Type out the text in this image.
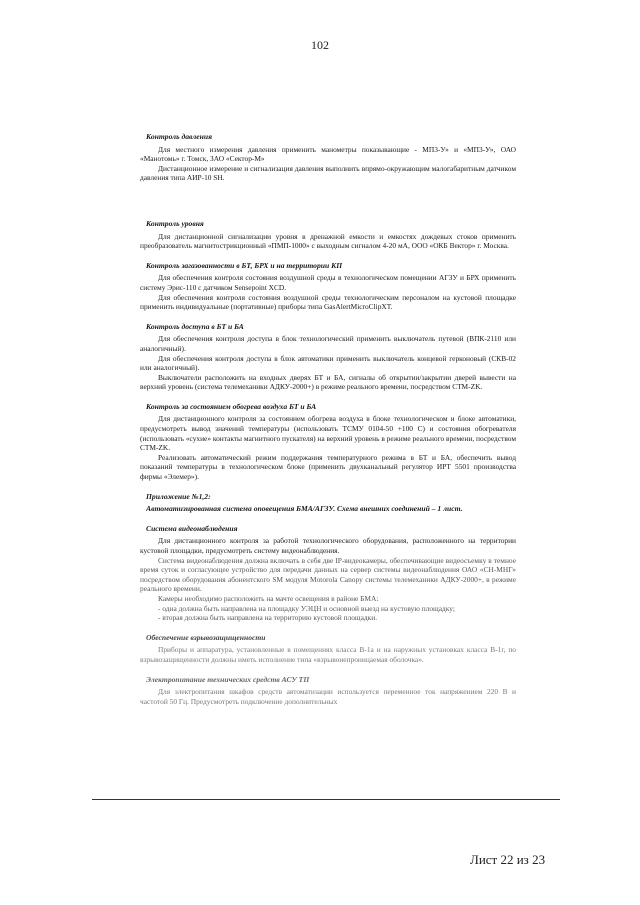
102
Контроль давления

Для местного измерения давления применить манометры показывающие - МП3-У» и «МП3-У», ОАО «Манотомь» г. Томск, ЗАО «Сектор-М»

Дистанционное измерение и сигнализация давления выполнить впрямо-окружающим малогабаритным датчиком давления типа АИР-10 SH.

Контроль уровня

Для дистанционной сигнализации уровня в дренажной емкости и емкостях дождевых стоков применить преобразователь магнитострикционный «ПМП-1000» с выходным сигналом 4-20 мА, ООО «ОКБ Вектор» г. Москва.

Контроль загазованности в БТ, БРХ и на территории КП

Для обеспечения контроля состояния воздушной среды в технологическом помещении АГЗУ и БРХ применить систему Эрис-110 с датчиком Sensepoint XCD.

Для обеспечения контроля состояния воздушной среды технологическим персоналом на кустовой площадке применить индивидуальные (портативные) приборы типа GasAlertMicroClipXT.

Контроль доступа в БТ и БА

Для обеспечения контроля доступа в блок технологический применить выключатель путевой (ВПК-2110 или аналогичный).

Для обеспечения контроля доступа в блок автоматики применить выключатель концевой герконовый (СКВ-02 или аналогичный).

Выключатели расположить на входных дверях БТ и БА, сигналы об открытии/закрытии дверей вывести на верхний уровень (система телемеханики АДКУ-2000+) в режиме реального времени, посредством СТМ-ZK.

Контроль за состоянием обогрева воздуха БТ и БА

Для дистанционного контроля за состоянием обогрева воздуха в блоке технологическом и блоке автоматики, предусмотреть вывод значений температуры (использовать ТСМУ 0104-50 +100 С) и состояния обогревателя (использовать «сухие» контакты магнитного пускателя) на верхний уровень в режиме реального времени, посредством СТМ-ZK.

Реализовать автоматический режим поддержания температурного режима в БТ и БА, обеспечить вывод показаний температуры в технологическом блоке (применить двухканальный регулятор ИРТ 5501 производства фирмы «Элемер»).

Приложение №1,2:

Автоматизированная система оповещения БМА/АГЗУ. Схема внешних соединений – 1 лист.

Система видеонаблюдения

Для дистанционного контроля за работой технологического оборудования, расположенного на территории кустовой площадки, предусмотреть систему видеонаблюдения.

Система видеонаблюдения должна включать в себя две IP-видеокамеры, обеспечивающие видеосъемку в темное время суток и согласующее устройство для передачи данных на сервер системы видеонаблюдения ОАО «СН-МНГ» посредством оборудования абонентского SM модуля Motorola Canopy системы телемеханики АДКУ-2000+, в режиме реального времени.

Камеры необходимо расположить на мачте освещения в районе БМА:

- одна должна быть направлена на площадку УЭЦН и основной выезд на кустовую площадку;

- вторая должна быть направлена на территорию кустовой площадки.

Обеспечение взрывозащищенности

Приборы и аппаратура, установленные в помещениях класса В-1а и на наружных установках класса В-1г, по взрывозащищенности должны иметь исполнение типа «взрывонепроницаемая оболочка».

Электропитание технических средств АСУ ТП

Для электропитания шкафов средств автоматизации используется переменное ток напряжением 220 В и частотой 50 Гц. Предусмотреть подключение дополнительных

Лист 22 из 23
